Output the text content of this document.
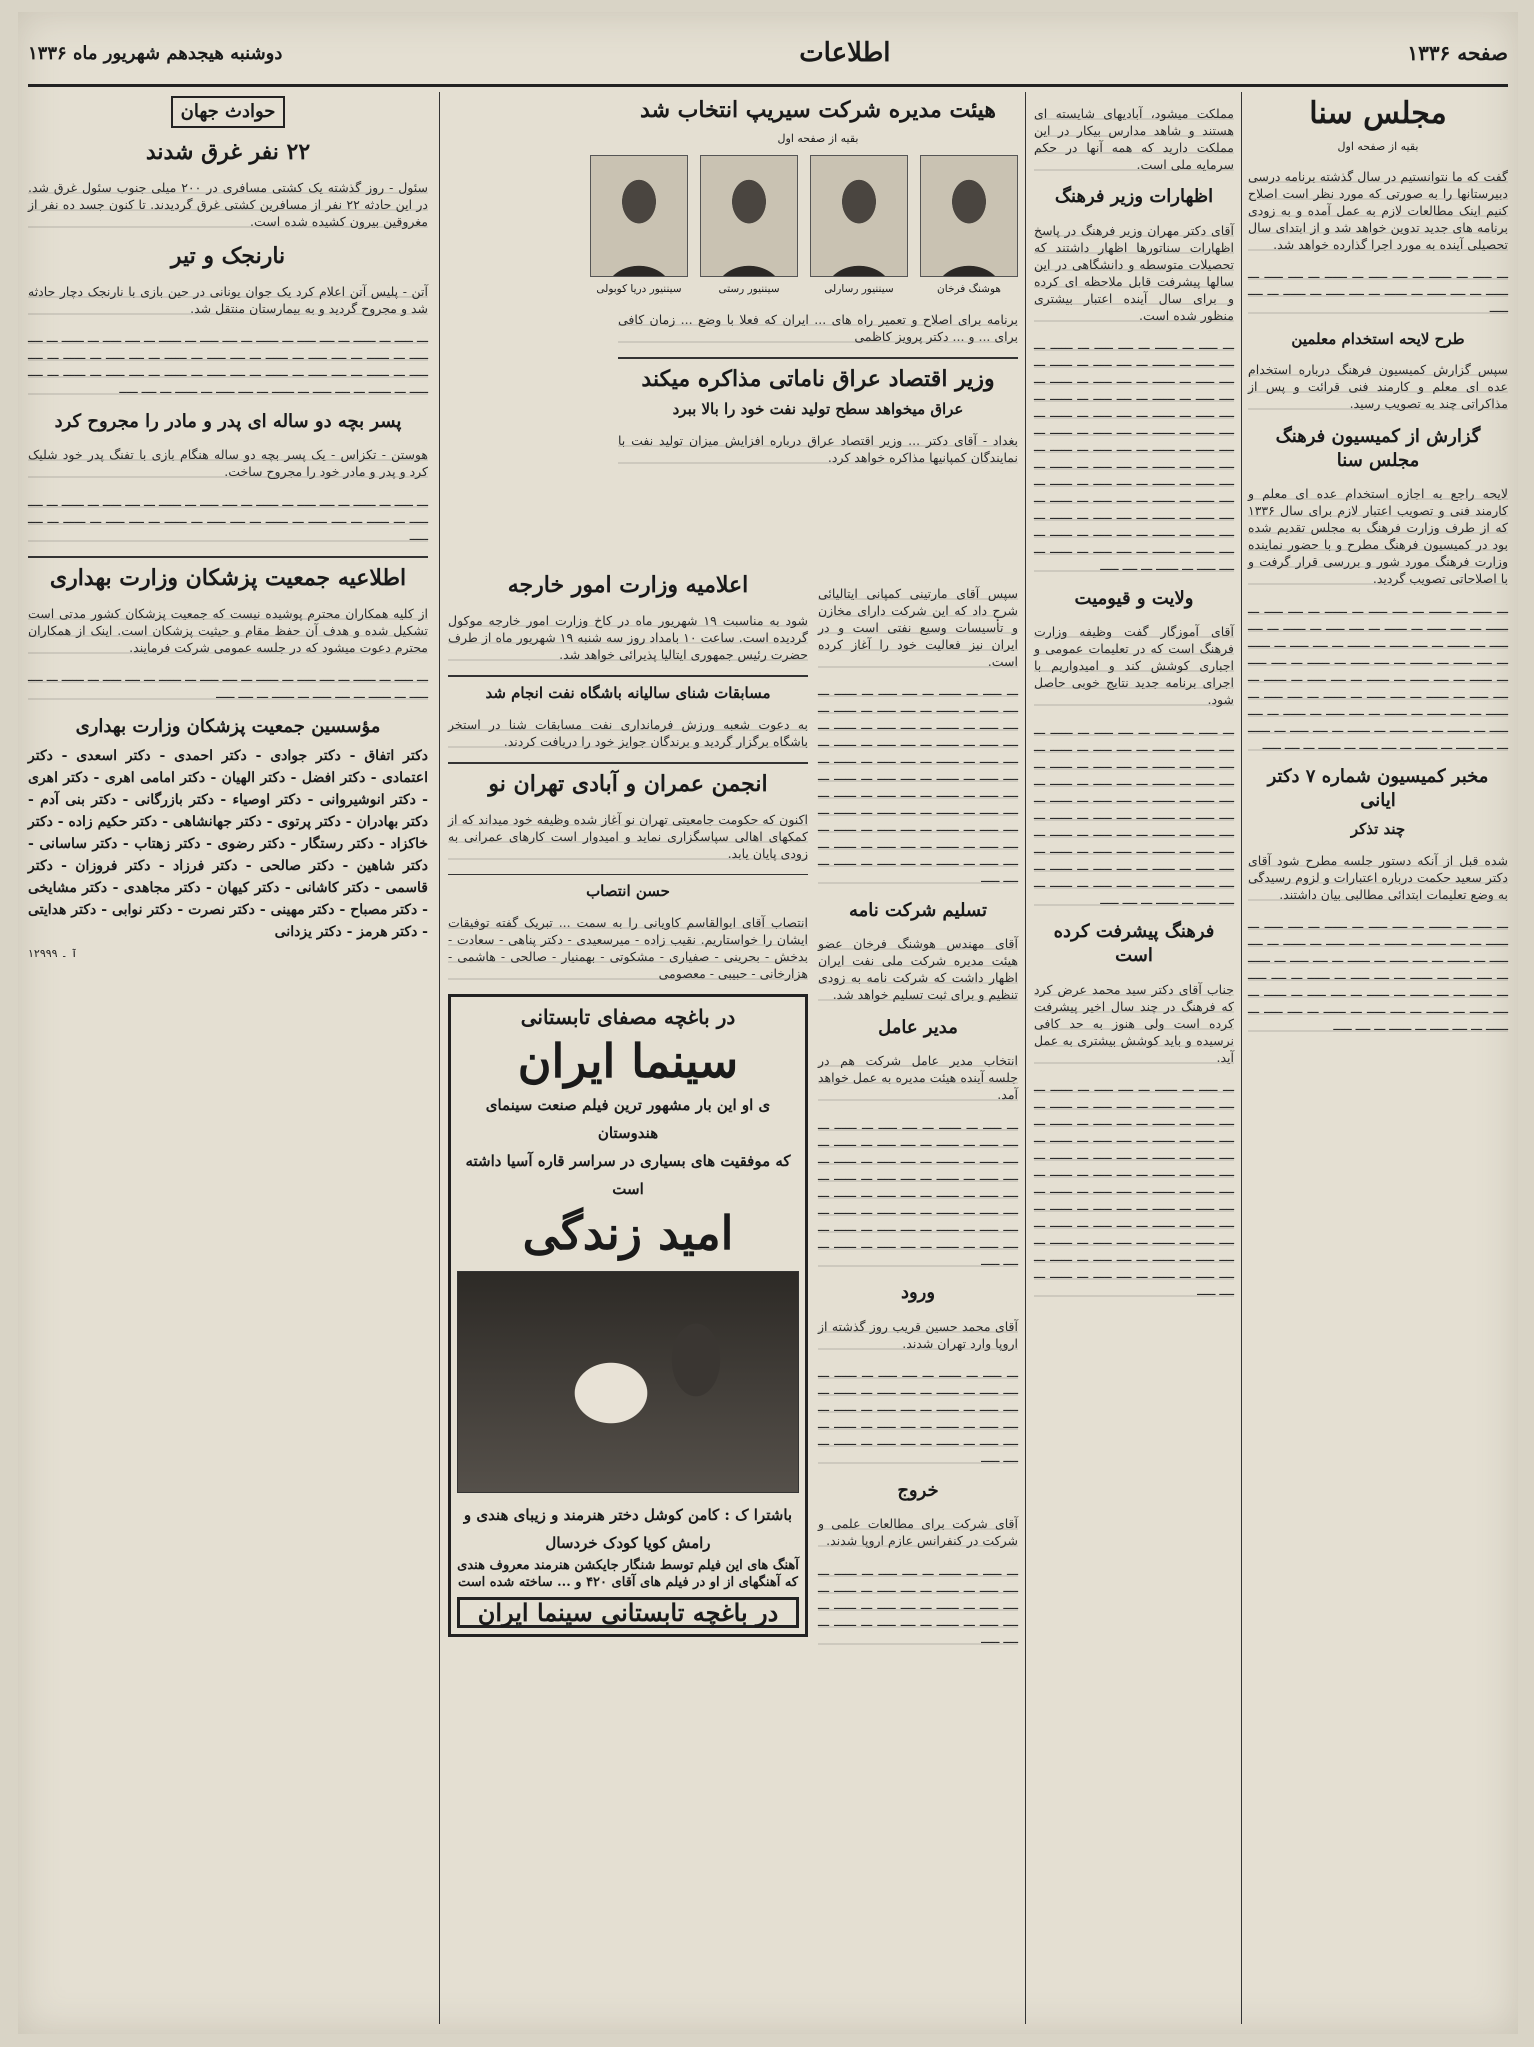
صفحه ۱۳۳۶
اطلاعات
دوشنبه هیجدهم شهریور ماه ۱۳۳۶
مجلس سنا
بقیه از صفحه اول

گفت که ما نتوانستیم در سال گذشته برنامه درسی دبیرستانها را به صورتی که مورد نظر است اصلاح کنیم اینک مطالعات لازم به عمل آمده و به زودی برنامه های جدید تدوین خواهد شد و از ابتدای سال تحصیلی آینده به مورد اجرا گذارده خواهد شد.

ـــ ـــــ ـــ ــــــ ـــ ــــ ـــــ ـــ ــــــ ـــ ــــ ـــــ ـــ ــــــ ـــ ــــ ـــــ ـــ ــــــ ـــ ــــ ـــــ ـــ ــــــ ـــ ــــ ـــــ

طرح لایحه استخدام معلمین

سپس گزارش کمیسیون فرهنگ درباره استخدام عده ای معلم و کارمند فنی قرائت و پس از مذاکراتی چند به تصویب رسید.

گزارش از کمیسیون فرهنگ مجلس سنا

لایحه راجع به اجازه استخدام عده ای معلم و کارمند فنی و تصویب اعتبار لازم برای سال ۱۳۳۶ که از طرف وزارت فرهنگ به مجلس تقدیم شده بود در کمیسیون فرهنگ مطرح و با حضور نماینده وزارت فرهنگ مورد شور و بررسی قرار گرفت و با اصلاحاتی تصویب گردید.

ـــ ـــــ ـــ ــــــ ـــ ــــ ـــــ ـــ ــــــ ـــ ــــ ـــــ ـــ ــــــ ـــ ــــ ـــــ ـــ ــــــ ـــ ــــ ـــــ ـــ ــــــ ـــ ــــ ـــــ ـــ ــــــ ـــ ــــ ـــــ ـــ ــــــ ـــ ــــ ـــــ ـــ ــــــ ـــ ــــ ـــــ ـــ ــــــ ـــ ــــ ـــــ ـــ ــــــ ـــ ــــ ـــــ ـــ ــــــ ـــ ــــ ـــــ ـــ ــــــ ـــ ــــ ـــــ ـــ ــــــ ـــ ــــ ـــــ ـــ ــــــ ـــ ــــ ـــــ ـــ ــــــ ـــ ــــ ـــــ ـــ ــــــ ـــ ــــ ـــــ ـــ ــــــ ـــ ــــ ـــــ ـــ ــــــ ـــ ــــ ـــــ ـــ ــــــ ـــ ــــ ـــــ ـــ ــــــ ـــ ــــ ـــــ ـــ ــــــ ـــ ــــ ـــــ ـــ ــــــ ـــ ــــ ـــــ ـــ ــــــ ـــ ــــ ـــــ

مخبر کمیسیون شماره ۷ دکتر ایانی
چند تذکر

شده قبل از آنکه دستور جلسه مطرح شود آقای دکتر سعید حکمت درباره اعتبارات و لزوم رسیدگی به وضع تعلیمات ابتدائی مطالبی بیان داشتند.

ـــ ـــــ ـــ ــــــ ـــ ــــ ـــــ ـــ ــــــ ـــ ــــ ـــــ ـــ ــــــ ـــ ــــ ـــــ ـــ ــــــ ـــ ــــ ـــــ ـــ ــــــ ـــ ــــ ـــــ ـــ ــــــ ـــ ــــ ـــــ ـــ ــــــ ـــ ــــ ـــــ ـــ ــــــ ـــ ــــ ـــــ ـــ ــــــ ـــ ــــ ـــــ ـــ ــــــ ـــ ــــ ـــــ ـــ ــــــ ـــ ــــ ـــــ ـــ ــــــ ـــ ــــ ـــــ ـــ ــــــ ـــ ــــ ـــــ ـــ ــــــ ـــ ــــ ـــــ ـــ ــــــ ـــ ــــ ـــــ ـــ ــــــ ـــ ــــ ـــــ ـــ ــــــ ـــ ــــ ـــــ

مملکت میشود، آبادیهای شایسته ای هستند و شاهد مدارس بیکار در این مملکت دارید که همه آنها در حکم سرمایه ملی است.

اظهارات وزیر فرهنگ

آقای دکتر مهران وزیر فرهنگ در پاسخ اظهارات سناتورها اظهار داشتند که تحصیلات متوسطه و دانشگاهی در این سالها پیشرفت قابل ملاحظه ای کرده و برای سال آینده اعتبار بیشتری منظور شده است.

ـــ ـــــ ـــ ــــــ ـــ ــــ ـــــ ـــ ــــــ ـــ ــــ ـــــ ـــ ــــــ ـــ ــــ ـــــ ـــ ــــــ ـــ ــــ ـــــ ـــ ــــــ ـــ ــــ ـــــ ـــ ــــــ ـــ ــــ ـــــ ـــ ــــــ ـــ ــــ ـــــ ـــ ــــــ ـــ ــــ ـــــ ـــ ــــــ ـــ ــــ ـــــ ـــ ــــــ ـــ ــــ ـــــ ـــ ــــــ ـــ ــــ ـــــ ـــ ــــــ ـــ ــــ ـــــ ـــ ــــــ ـــ ــــ ـــــ ـــ ــــــ ـــ ــــ ـــــ ـــ ــــــ ـــ ــــ ـــــ ـــ ــــــ ـــ ــــ ـــــ ـــ ــــــ ـــ ــــ ـــــ ـــ ــــــ ـــ ــــ ـــــ ـــ ــــــ ـــ ــــ ـــــ ـــ ــــــ ـــ ــــ ـــــ ـــ ــــــ ـــ ــــ ـــــ ـــ ــــــ ـــ ــــ ـــــ ـــ ــــــ ـــ ــــ ـــــ ـــ ــــــ ـــ ــــ ـــــ ـــ ــــــ ـــ ــــ ـــــ ـــ ــــــ ـــ ــــ ـــــ ـــ ــــــ ـــ ــــ ـــــ

ولایت و قیومیت

آقای آموزگار گفت وظیفه وزارت فرهنگ است که در تعلیمات عمومی و اجباری کوشش کند و امیدواریم با اجرای برنامه جدید نتایج خوبی حاصل شود.

ـــ ـــــ ـــ ــــــ ـــ ــــ ـــــ ـــ ــــــ ـــ ــــ ـــــ ـــ ــــــ ـــ ــــ ـــــ ـــ ــــــ ـــ ــــ ـــــ ـــ ــــــ ـــ ــــ ـــــ ـــ ــــــ ـــ ــــ ـــــ ـــ ــــــ ـــ ــــ ـــــ ـــ ــــــ ـــ ــــ ـــــ ـــ ــــــ ـــ ــــ ـــــ ـــ ــــــ ـــ ــــ ـــــ ـــ ــــــ ـــ ــــ ـــــ ـــ ــــــ ـــ ــــ ـــــ ـــ ــــــ ـــ ــــ ـــــ ـــ ــــــ ـــ ــــ ـــــ ـــ ــــــ ـــ ــــ ـــــ ـــ ــــــ ـــ ــــ ـــــ ـــ ــــــ ـــ ــــ ـــــ ـــ ــــــ ـــ ــــ ـــــ ـــ ــــــ ـــ ــــ ـــــ ـــ ــــــ ـــ ــــ ـــــ ـــ ــــــ ـــ ــــ ـــــ

فرهنگ پیشرفت کرده است

جناب آقای دکتر سید محمد عرض کرد که فرهنگ در چند سال اخیر پیشرفت کرده است ولی هنوز به حد کافی نرسیده و باید کوشش بیشتری به عمل آید.

ـــ ـــــ ـــ ــــــ ـــ ــــ ـــــ ـــ ــــــ ـــ ــــ ـــــ ـــ ــــــ ـــ ــــ ـــــ ـــ ــــــ ـــ ــــ ـــــ ـــ ــــــ ـــ ــــ ـــــ ـــ ــــــ ـــ ــــ ـــــ ـــ ــــــ ـــ ــــ ـــــ ـــ ــــــ ـــ ــــ ـــــ ـــ ــــــ ـــ ــــ ـــــ ـــ ــــــ ـــ ــــ ـــــ ـــ ــــــ ـــ ــــ ـــــ ـــ ــــــ ـــ ــــ ـــــ ـــ ــــــ ـــ ــــ ـــــ ـــ ــــــ ـــ ــــ ـــــ ـــ ــــــ ـــ ــــ ـــــ ـــ ــــــ ـــ ــــ ـــــ ـــ ــــــ ـــ ــــ ـــــ ـــ ــــــ ـــ ــــ ـــــ ـــ ــــــ ـــ ــــ ـــــ ـــ ــــــ ـــ ــــ ـــــ ـــ ــــــ ـــ ــــ ـــــ ـــ ــــــ ـــ ــــ ـــــ ـــ ــــــ ـــ ــــ ـــــ ـــ ــــــ ـــ ــــ ـــــ

سپس آقای مارتینی کمپانی ایتالیائی شرح داد که این شرکت دارای مخازن و تأسیسات وسیع نفتی است و در ایران نیز فعالیت خود را آغاز کرده است.

ـــ ـــــ ـــ ــــــ ـــ ــــ ـــــ ـــ ــــــ ـــ ــــ ـــــ ـــ ــــــ ـــ ــــ ـــــ ـــ ــــــ ـــ ــــ ـــــ ـــ ــــــ ـــ ــــ ـــــ ـــ ــــــ ـــ ــــ ـــــ ـــ ــــــ ـــ ــــ ـــــ ـــ ــــــ ـــ ــــ ـــــ ـــ ــــــ ـــ ــــ ـــــ ـــ ــــــ ـــ ــــ ـــــ ـــ ــــــ ـــ ــــ ـــــ ـــ ــــــ ـــ ــــ ـــــ ـــ ــــــ ـــ ــــ ـــــ ـــ ــــــ ـــ ــــ ـــــ ـــ ــــــ ـــ ــــ ـــــ ـــ ــــــ ـــ ــــ ـــــ ـــ ــــــ ـــ ــــ ـــــ ـــ ــــــ ـــ ــــ ـــــ ـــ ــــــ ـــ ــــ ـــــ ـــ ــــــ ـــ ــــ ـــــ ـــ ــــــ ـــ ــــ ـــــ ـــ ــــــ ـــ ــــ ـــــ

تسلیم شرکت نامه

آقای مهندس هوشنگ فرخان عضو هیئت مدیره شرکت ملی نفت ایران اظهار داشت که شرکت نامه به زودی تنظیم و برای ثبت تسلیم خواهد شد.

مدیر عامل

انتخاب مدیر عامل شرکت هم در جلسه آینده هیئت مدیره به عمل خواهد آمد.

ـــ ـــــ ـــ ــــــ ـــ ــــ ـــــ ـــ ــــــ ـــ ــــ ـــــ ـــ ــــــ ـــ ــــ ـــــ ـــ ــــــ ـــ ــــ ـــــ ـــ ــــــ ـــ ــــ ـــــ ـــ ــــــ ـــ ــــ ـــــ ـــ ــــــ ـــ ــــ ـــــ ـــ ــــــ ـــ ــــ ـــــ ـــ ــــــ ـــ ــــ ـــــ ـــ ــــــ ـــ ــــ ـــــ ـــ ــــــ ـــ ــــ ـــــ ـــ ــــــ ـــ ــــ ـــــ ـــ ــــــ ـــ ــــ ـــــ ـــ ــــــ ـــ ــــ ـــــ ـــ ــــــ ـــ ــــ ـــــ ـــ ــــــ ـــ ــــ ـــــ

ورود

آقای محمد حسین قریب روز گذشته از اروپا وارد تهران شدند.

ـــ ـــــ ـــ ــــــ ـــ ــــ ـــــ ـــ ــــــ ـــ ــــ ـــــ ـــ ــــــ ـــ ــــ ـــــ ـــ ــــــ ـــ ــــ ـــــ ـــ ــــــ ـــ ــــ ـــــ ـــ ــــــ ـــ ــــ ـــــ ـــ ــــــ ـــ ــــ ـــــ ـــ ــــــ ـــ ــــ ـــــ ـــ ــــــ ـــ ــــ ـــــ ـــ ــــــ ـــ ــــ ـــــ

خروج

آقای شرکت برای مطالعات علمی و شرکت در کنفرانس عازم اروپا شدند.

ـــ ـــــ ـــ ــــــ ـــ ــــ ـــــ ـــ ــــــ ـــ ــــ ـــــ ـــ ــــــ ـــ ــــ ـــــ ـــ ــــــ ـــ ــــ ـــــ ـــ ــــــ ـــ ــــ ـــــ ـــ ــــــ ـــ ــــ ـــــ ـــ ــــــ ـــ ــــ ـــــ ـــ ــــــ ـــ ــــ ـــــ

هیئت مدیره شرکت سیریپ انتخاب شد
بقیه از صفحه اول
هوشنگ فرخان
سیننیور رسارلی
سیننیور رستی
سیننیور دریا کوبولی

برنامه برای اصلاح و تعمیر راه های ... ایران که فعلا با وضع ... زمان کافی برای ... و ... دکتر پرویز کاظمی

وزیر اقتصاد عراق ناماتی مذاکره میکند
عراق میخواهد سطح تولید نفت خود را بالا ببرد

بغداد - آقای دکتر ... وزیر اقتصاد عراق درباره افزایش میزان تولید نفت با نمایندگان کمپانیها مذاکره خواهد کرد.

اعلامیه وزارت امور خارجه

شود به مناسبت ۱۹ شهریور ماه در کاخ وزارت امور خارجه موکول گردیده است. ساعت ۱۰ بامداد روز سه شنبه ۱۹ شهریور ماه از طرف حضرت رئیس جمهوری ایتالیا پذیرائی خواهد شد.

مسابقات شنای سالیانه باشگاه نفت انجام شد

به دعوت شعبه ورزش فرمانداری نفت مسابقات شنا در استخر باشگاه برگزار گردید و برندگان جوایز خود را دریافت کردند.

انجمن عمران و آبادی تهران نو

اکنون که حکومت جامعیتی تهران نو آغاز شده وظیفه خود میداند که از کمکهای اهالی سپاسگزاری نماید و امیدوار است کارهای عمرانی به زودی پایان یابد.

حسن انتصاب

انتصاب آقای ابوالقاسم کاویانی را به سمت ... تبریک گفته توفیقات ایشان را خواستاریم. نقیب زاده - میرسعیدی - دکتر پناهی - سعادت - بدخش - بحرینی - صفیاری - مشکوتی - بهمنیار - صالحی - هاشمی - هزارخانی - حبیبی - معصومی

در باغچه مصفای تابستانی
سینما ایران
ی او این بار مشهور ترین فیلم صنعت سینمای هندوستان
که موفقیت های بسیاری در سراسر قاره آسیا داشته است
امید زندگی
باشترا ک : کامن کوشل دختر هنرمند و زیبای هندی و رامش کویا کودک خردسال
آهنگ های این فیلم توسط شنگار جایکشن هنرمند معروف هندی که آهنگهای از او در فیلم های آقای ۴۲۰ و ... ساخته شده است
در باغچه تابستانی سینما ایران
حوادث جهان
۲۲ نفر غرق شدند

سئول - روز گذشته یک کشتی مسافری در ۲۰۰ میلی جنوب سئول غرق شد. در این حادثه ۲۲ نفر از مسافرین کشتی غرق گردیدند. تا کنون جسد ده نفر از مغروقین بیرون کشیده شده است.

نارنجک و تیر

آتن - پلیس آتن اعلام کرد یک جوان یونانی در حین بازی با نارنجک دچار حادثه شد و مجروح گردید و به بیمارستان منتقل شد.

ـــ ـــــ ـــ ــــــ ـــ ــــ ـــــ ـــ ــــــ ـــ ــــ ـــــ ـــ ــــــ ـــ ــــ ـــــ ـــ ــــــ ـــ ــــ ـــــ ـــ ــــــ ـــ ــــ ـــــ ـــ ــــــ ـــ ــــ ـــــ ـــ ــــــ ـــ ــــ ـــــ ـــ ــــــ ـــ ــــ ـــــ ـــ ــــــ ـــ ــــ ـــــ ـــ ــــــ ـــ ــــ ـــــ ـــ ــــــ ـــ ــــ ـــــ ـــ ــــــ ـــ ــــ ـــــ ـــ ــــــ ـــ ــــ ـــــ ـــ ــــــ ـــ ــــ ـــــ ـــ ــــــ ـــ ــــ ـــــ

پسر بچه دو ساله ای پدر و مادر را مجروح کرد

هوستن - تکزاس - یک پسر بچه دو ساله هنگام بازی با تفنگ پدر خود شلیک کرد و پدر و مادر خود را مجروح ساخت.

ـــ ـــــ ـــ ــــــ ـــ ــــ ـــــ ـــ ــــــ ـــ ــــ ـــــ ـــ ــــــ ـــ ــــ ـــــ ـــ ــــــ ـــ ــــ ـــــ ـــ ــــــ ـــ ــــ ـــــ ـــ ــــــ ـــ ــــ ـــــ ـــ ــــــ ـــ ــــ ـــــ ـــ ــــــ ـــ ــــ ـــــ

اطلاعیه جمعیت پزشکان وزارت بهداری

از کلیه همکاران محترم پوشیده نیست که جمعیت پزشکان کشور مدتی است تشکیل شده و هدف آن حفظ مقام و حیثیت پزشکان است. اینک از همکاران محترم دعوت میشود که در جلسه عمومی شرکت فرمایند.

ـــ ـــــ ـــ ــــــ ـــ ــــ ـــــ ـــ ــــــ ـــ ــــ ـــــ ـــ ــــــ ـــ ــــ ـــــ ـــ ــــــ ـــ ــــ ـــــ ـــ ــــــ ـــ ــــ ـــــ ـــ ــــــ ـــ ــــ ـــــ

مؤسسین جمعیت پزشکان وزارت بهداری
دکتر اتفاق - دکتر جوادی - دکتر احمدی - دکتر اسعدی - دکتر اعتمادی - دکتر افضل - دکتر الهیان - دکتر امامی اهری - دکتر اهری - دکتر انوشیروانی - دکتر اوصیاء - دکتر بازرگانی - دکتر بنی آدم - دکتر بهادران - دکتر پرتوی - دکتر جهانشاهی - دکتر حکیم زاده - دکتر خاکزاد - دکتر رستگار - دکتر رضوی - دکتر زهتاب - دکتر ساسانی - دکتر شاهین - دکتر صالحی - دکتر فرزاد - دکتر فروزان - دکتر قاسمی - دکتر کاشانی - دکتر کیهان - دکتر مجاهدی - دکتر مشایخی - دکتر مصباح - دکتر مهینی - دکتر نصرت - دکتر نوابی - دکتر هدایتی - دکتر هرمز - دکتر یزدانی
آ ۔ ۱۲۹۹۹
